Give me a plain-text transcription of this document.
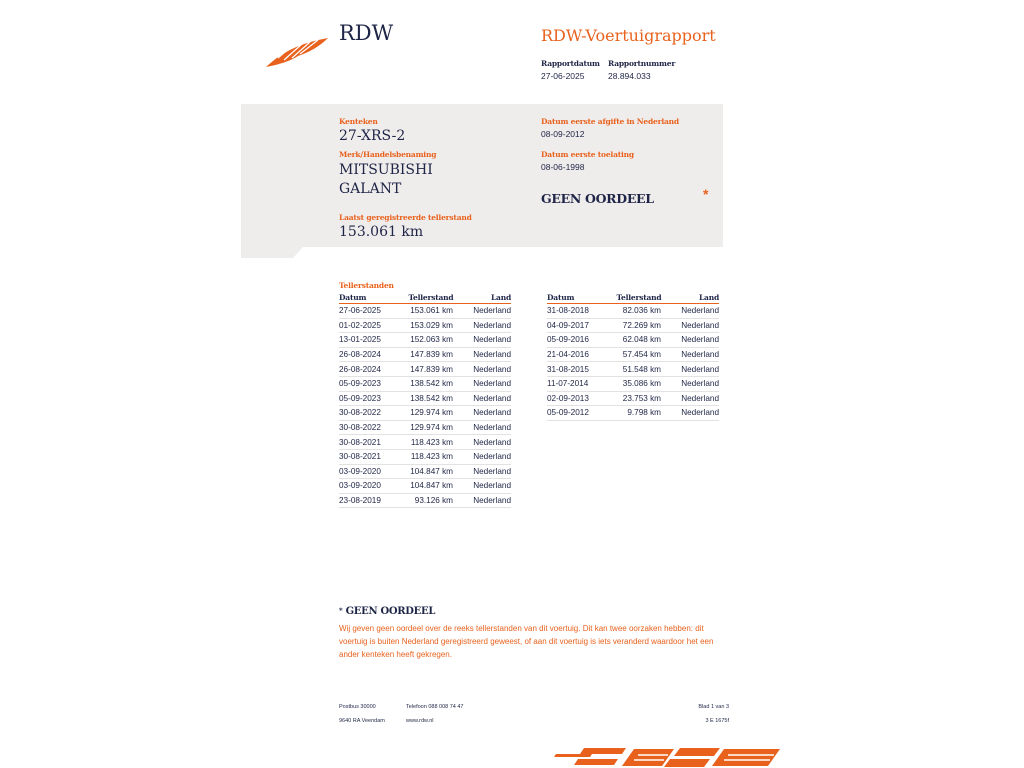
RDW	RDW-Voertuigrapport
Rapportdatum
27-06-2025
Rapportnummer
28.894.033
Kenteken
27-XRS-2
Merk/Handelsbenaming
MITSUBISHI
GALANT
Laatst geregistreerde tellerstand
153.061 km
Datum eerste afgifte in Nederland
08-09-2012
Datum eerste toelating
08-06-1998
GEEN OORDEEL	*
Tellerstanden
Datum	Tellerstand	Land
27-06-2025	153.061 km	Nederland
01-02-2025	153.029 km	Nederland
13-01-2025	152.063 km	Nederland
26-08-2024	147.839 km	Nederland
26-08-2024	147.839 km	Nederland
05-09-2023	138.542 km	Nederland
05-09-2023	138.542 km	Nederland
30-08-2022	129.974 km	Nederland
30-08-2022	129.974 km	Nederland
30-08-2021	118.423 km	Nederland
30-08-2021	118.423 km	Nederland
03-09-2020	104.847 km	Nederland
03-09-2020	104.847 km	Nederland
23-08-2019	93.126 km	Nederland
Datum	Tellerstand	Land
31-08-2018	82.036 km	Nederland
04-09-2017	72.269 km	Nederland
05-09-2016	62.048 km	Nederland
21-04-2016	57.454 km	Nederland
31-08-2015	51.548 km	Nederland
11-07-2014	35.086 km	Nederland
02-09-2013	23.753 km	Nederland
05-09-2012	9.798 km	Nederland
* GEEN OORDEEL
Wij geven geen oordeel over de reeks tellerstanden van dit voertuig. Dit kan twee oorzaken hebben: dit voertuig is buiten Nederland geregistreerd geweest, of aan dit voertuig is iets veranderd waardoor het een ander kenteken heeft gekregen.
Postbus 30000
9640 RA Veendam
Telefoon 088 008 74 47
www.rdw.nl
Blad 1 van 3
3 E 1675f
